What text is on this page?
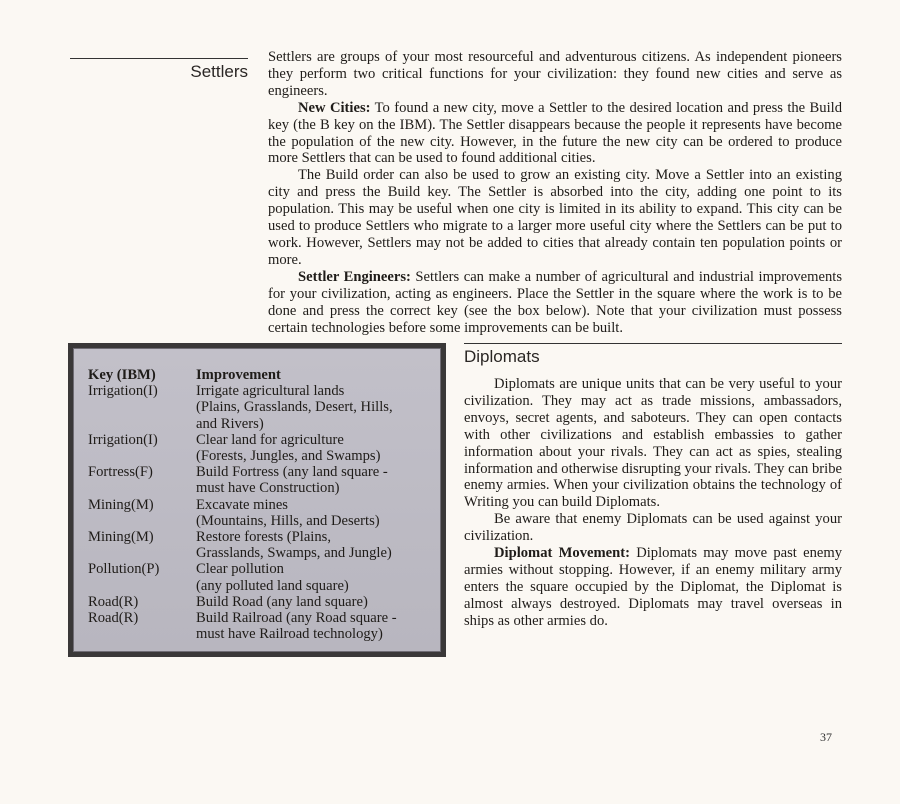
Settlers

Settlers are groups of your most resourceful and adventurous citizens. As independent pioneers they perform two critical functions for your civilization: they found new cities and serve as engineers.

New Cities: To found a new city, move a Settler to the desired location and press the Build key (the B key on the IBM). The Settler disappears because the people it represents have become the population of the new city. However, in the future the new city can be ordered to produce more Settlers that can be used to found additional cities.

The Build order can also be used to grow an existing city. Move a Settler into an existing city and press the Build key. The Settler is absorbed into the city, adding one point to its population. This may be useful when one city is limited in its ability to expand. This city can be used to produce Settlers who migrate to a larger more useful city where the Settlers can be put to work. However, Settlers may not be added to cities that already contain ten population points or more.

Settler Engineers: Settlers can make a number of agricultural and industrial improvements for your civilization, acting as engineers. Place the Settler in the square where the work is to be done and press the correct key (see the box below). Note that your civilization must possess certain technologies before some improvements can be built.

Key (IBM)	Improvement
Irrigation(I)	Irrigate agricultural lands
(Plains, Grasslands, Desert, Hills,
and Rivers)
Irrigation(I)	Clear land for agriculture
(Forests, Jungles, and Swamps)
Fortress(F)	Build Fortress (any land square -
must have Construction)
Mining(M)	Excavate mines
(Mountains, Hills, and Deserts)
Mining(M)	Restore forests (Plains,
Grasslands, Swamps, and Jungle)
Pollution(P)	Clear pollution
(any polluted land square)
Road(R)	Build Road (any land square)
Road(R)	Build Railroad (any Road square -
must have Railroad technology)
Diplomats

Diplomats are unique units that can be very useful to your civilization. They may act as trade missions, ambassadors, envoys, secret agents, and saboteurs. They can open contacts with other civilizations and establish embassies to gather information about your rivals. They can act as spies, stealing information and otherwise disrupting your rivals. They can bribe enemy armies. When your civilization obtains the technology of Writing you can build Diplomats.

Be aware that enemy Diplomats can be used against your civilization.

Diplomat Movement: Diplomats may move past enemy armies without stopping. However, if an enemy military army enters the square occupied by the Diplomat, the Diplomat is almost always destroyed. Diplomats may travel overseas in ships as other armies do.

37
